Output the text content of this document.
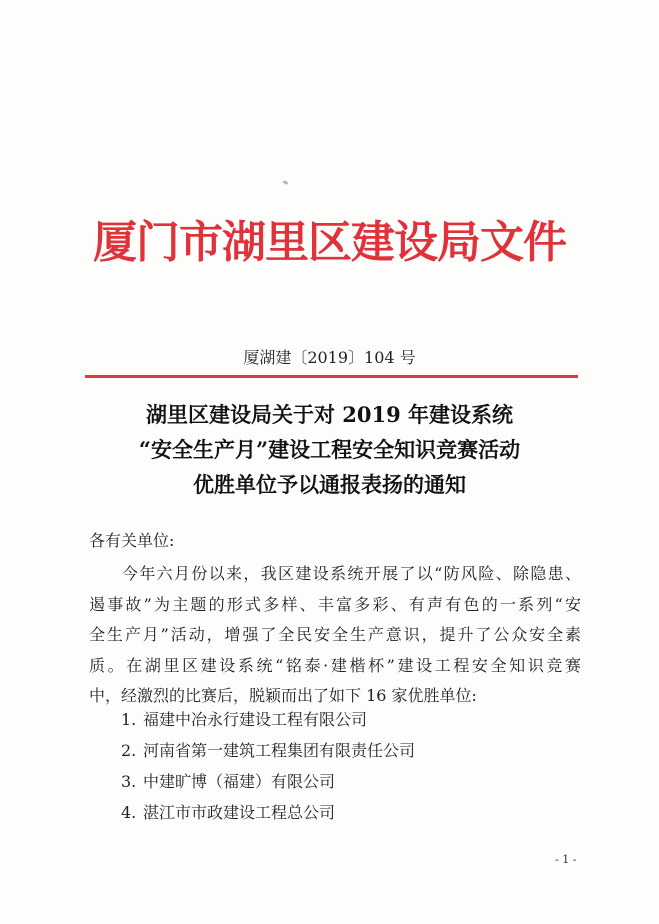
厦门市湖里区建设局文件
厦湖建〔2019〕104 号
湖里区建设局关于对 2019 年建设系统
“安全生产月”建设工程安全知识竞赛活动
优胜单位予以通报表扬的通知
各有关单位:
今年六月份以来，我区建设系统开展了以“防风险、除隐患、
遏事故”为主题的形式多样、丰富多彩、有声有色的一系列“安
全生产月”活动，增强了全民安全生产意识，提升了公众安全素
质。在湖里区建设系统“铭泰·建楷杯”建设工程安全知识竞赛
中，经激烈的比赛后，脱颖而出了如下 16 家优胜单位:
1. 福建中冶永行建设工程有限公司
2. 河南省第一建筑工程集团有限责任公司
3. 中建旷博（福建）有限公司
4. 湛江市市政建设工程总公司
- 1 -
